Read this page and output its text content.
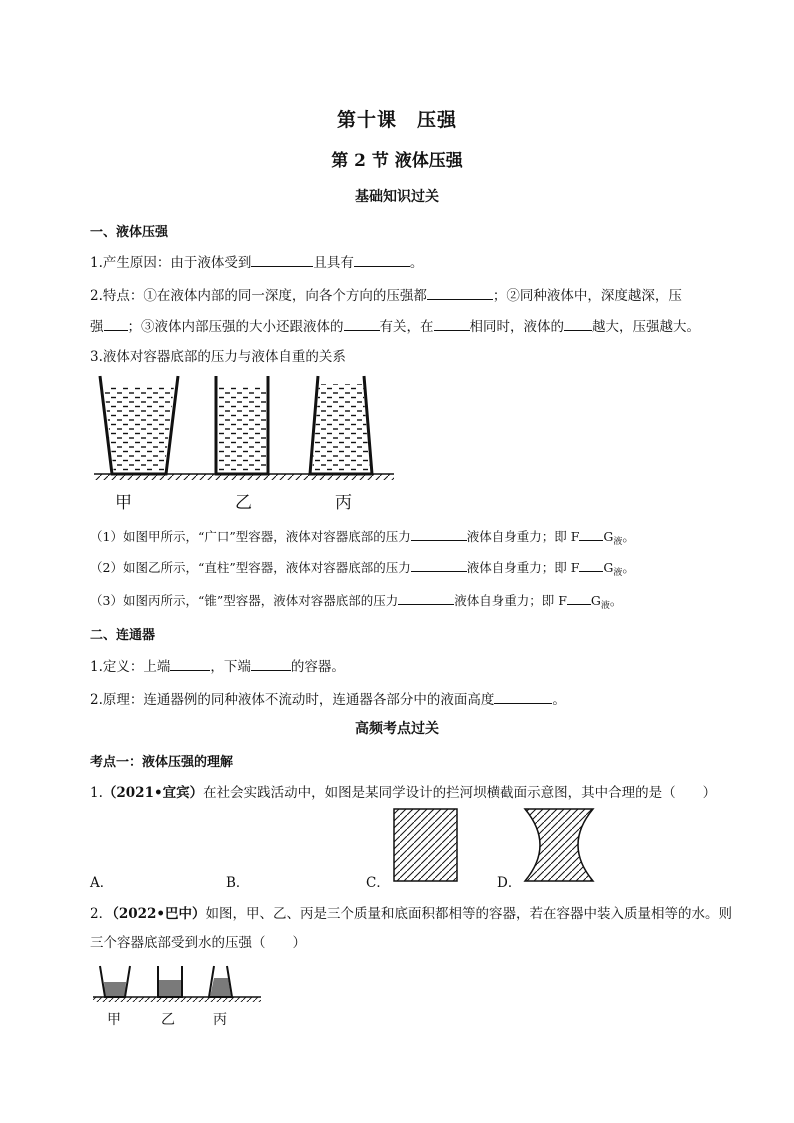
第十课　压强
第 2 节 液体压强
基础知识过关
一、液体压强
1.产生原因：由于液体受到	且具有	。
2.特点：①在液体内部的同一深度，向各个方向的压强都	；②同种液体中，深度越深，压
强 ；③液体内部压强的大小还跟液体的	有关，在	相同时，液体的 越大，压强越大。
3.液体对容器底部的压力与液体自重的关系
甲	乙	丙
（1）如图甲所示，“广口”型容器，液体对容器底部的压力	液体自身重力；即 F $G_液$。
（2）如图乙所示，“直柱”型容器，液体对容器底部的压力	液体自身重力；即 F $G_液$。
（3）如图丙所示，“锥”型容器，液体对容器底部的压力	液体自身重力；即 F $G_液$。
二、连通器
1.定义：上端	，下端	的容器。
2.原理：连通器例的同种液体不流动时，连通器各部分中的液面高度	。
高频考点过关
考点一：液体压强的理解
1.（2021•宜宾）在社会实践活动中，如图是某同学设计的拦河坝横截面示意图，其中合理的是（　　）
A．	B．	C．	D．
2．（2022•巴中）如图，甲、乙、丙是三个质量和底面积都相等的容器，若在容器中装入质量相等的水。则
三个容器底部受到水的压强（　　）
甲	乙	丙
